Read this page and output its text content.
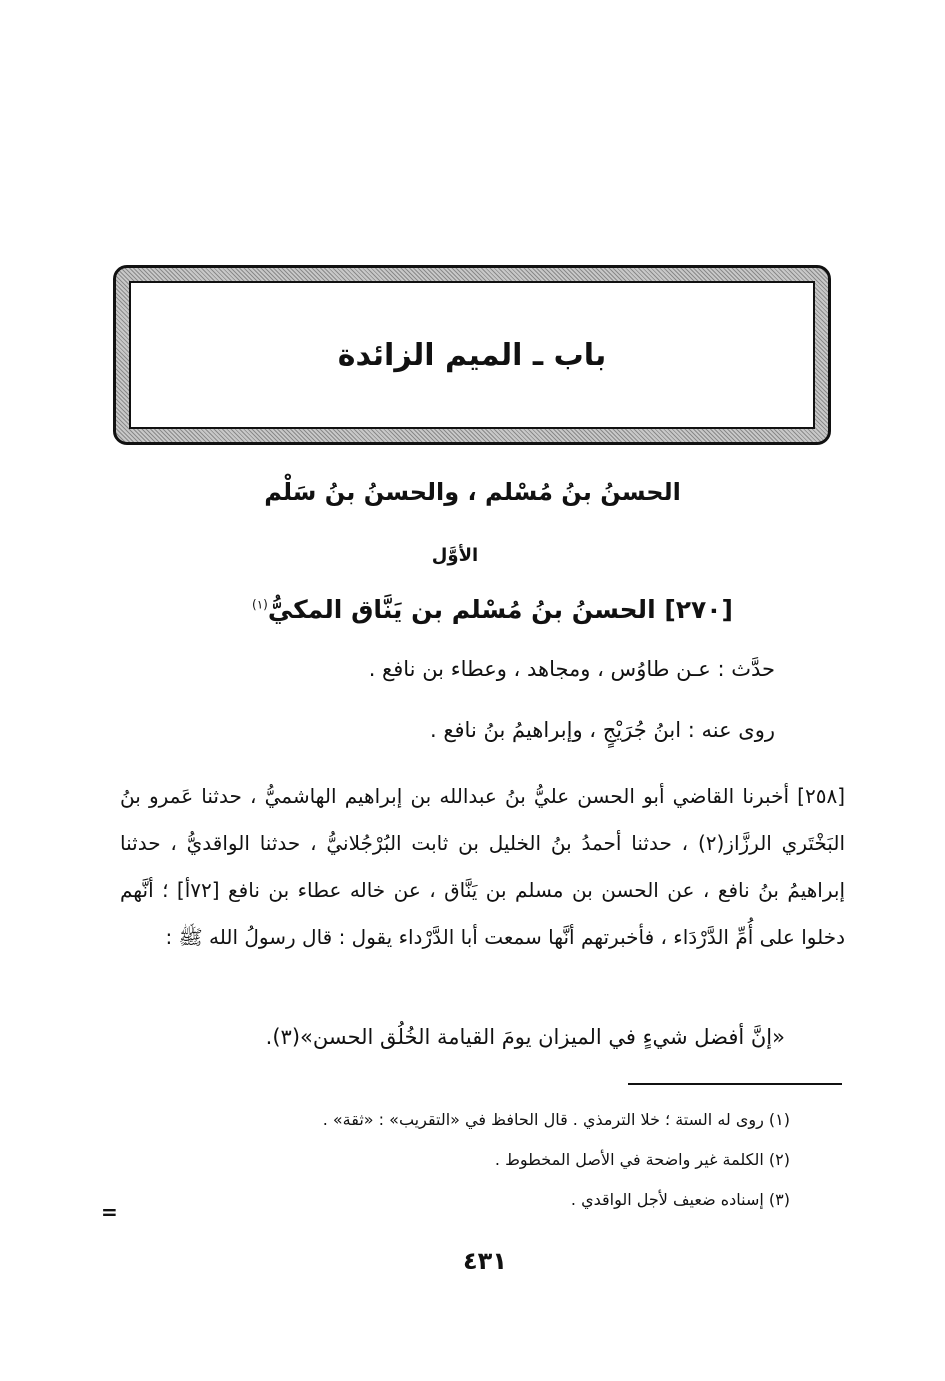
باب ـ الميم الزائدة
الحسنُ بنُ مُسْلم ، والحسنُ بنُ سَلْم
الأوَّل
[٢٧٠] الحسنُ بنُ مُسْلم بن يَنَّاق المكيُّ$^{(١)}$

حدَّث : عـن طاوُس ، ومجاهد ، وعطاء بن نافع .

روى عنه : ابنُ جُرَيْجٍ ، وإبراهيمُ بنُ نافع .

[٢٥٨] أخبرنا القاضي أبو الحسن عليُّ بنُ عبدالله بن إبراهيم الهاشميُّ ، حدثنا عَمرو بنُ البَخْتَري الرزَّاز(٢) ، حدثنا أحمدُ بنُ الخليل بن ثابت البُرْجُلانيُّ ، حدثنا الواقديُّ ، حدثنا إبراهيمُ بنُ نافع ، عن الحسن بن مسلم بن يَنَّاق ، عن خاله عطاء بن نافع [٧٢أ] ؛ أنَّهم دخلوا على أُمِّ الدَّرْدَاء ، فأخبرتهم أنَّها سمعت أبا الدَّرْداء يقول : قال رسولُ الله ﷺ :

«إنَّ أفضل شيءٍ في الميزان يومَ القيامة الخُلُق الحسن»(٣).

(١) روى له الستة ؛ خلا الترمذي . قال الحافظ في «التقريب» : «ثقة» .
(٢) الكلمة غير واضحة في الأصل المخطوط .
(٣) إسناده ضعيف لأجل الواقدي .
=
٤٣١
